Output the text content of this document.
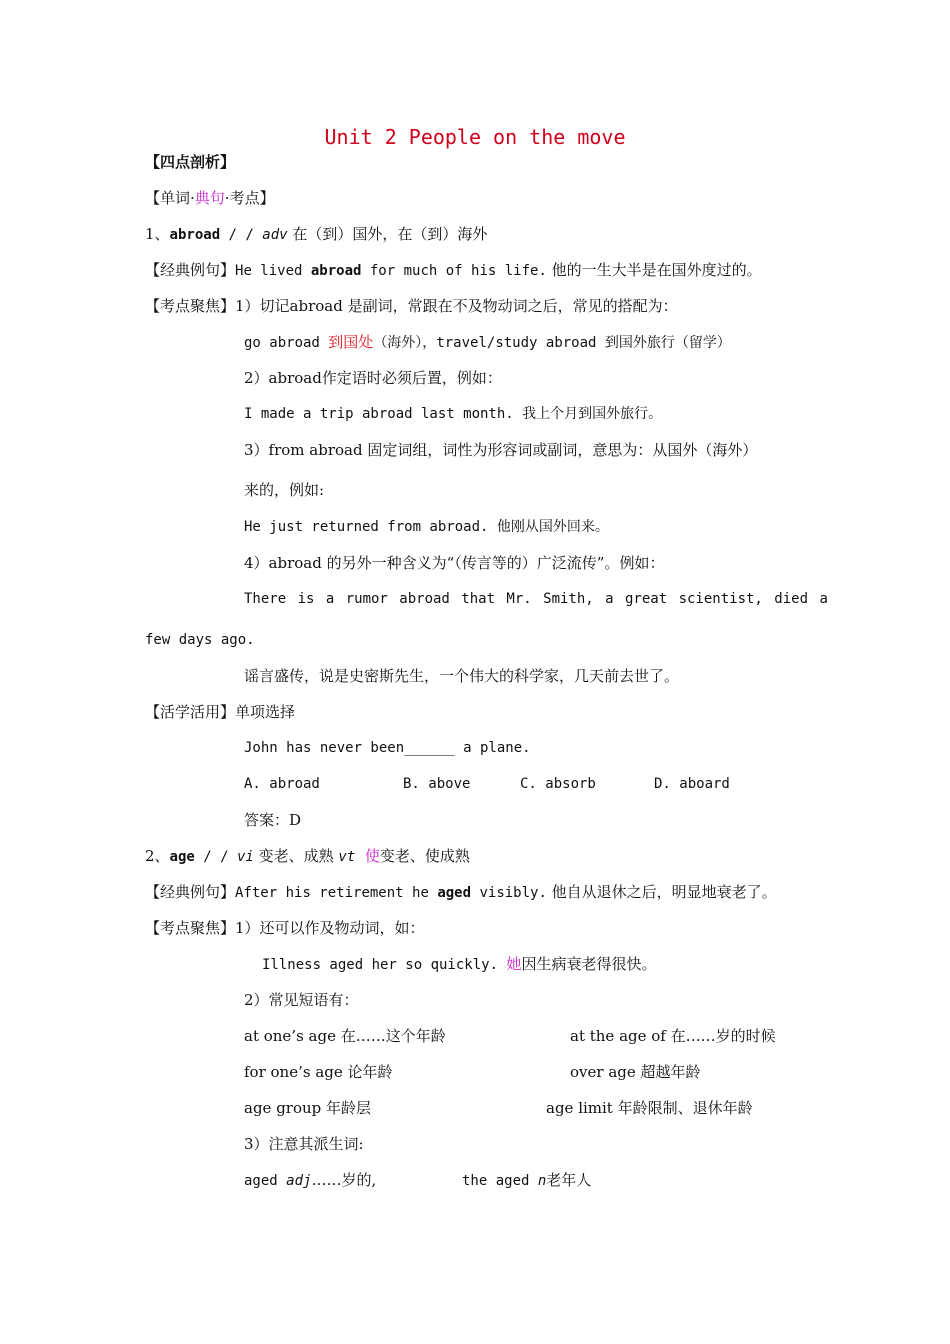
Unit 2 People on the move
【四点剖析】
【单词·典句·考点】
1、abroad / / adv 在（到）国外，在（到）海外
【经典例句】He lived abroad for much of his life. 他的一生大半是在国外度过的。
【考点聚焦】1）切记abroad 是副词，常跟在不及物动词之后，常见的搭配为：
go abroad 到国处（海外），travel/study abroad 到国外旅行（留学）
2）abroad作定语时必须后置，例如：
I made a trip abroad last month. 我上个月到国外旅行。
3）from abroad 固定词组，词性为形容词或副词，意思为：从国外（海外）
来的，例如:
He just returned from abroad. 他刚从国外回来。
4）abroad 的另外一种含义为“（传言等的）广泛流传”。例如：
There is a rumor abroad that Mr. Smith, a great scientist, died a
few days ago.
谣言盛传，说是史密斯先生，一个伟大的科学家，几天前去世了。
【活学活用】单项选择
John has never been______ a plane.
A. abroad	B. above	C. absorb	D. aboard
答案：D
2、age / / vi 变老、成熟 vt 使变老、使成熟
【经典例句】After his retirement he aged visibly. 他自从退休之后，明显地衰老了。
【考点聚焦】1）还可以作及物动词，如：
Illness aged her so quickly. 她因生病衰老得很快。
2）常见短语有：
at one’s age 在……这个年龄	at the age of 在……岁的时候
for one’s age 论年龄	over age 超越年龄
age group 年龄层	age limit 年龄限制、退休年龄
3）注意其派生词:
aged adj……岁的,	the aged n老年人
